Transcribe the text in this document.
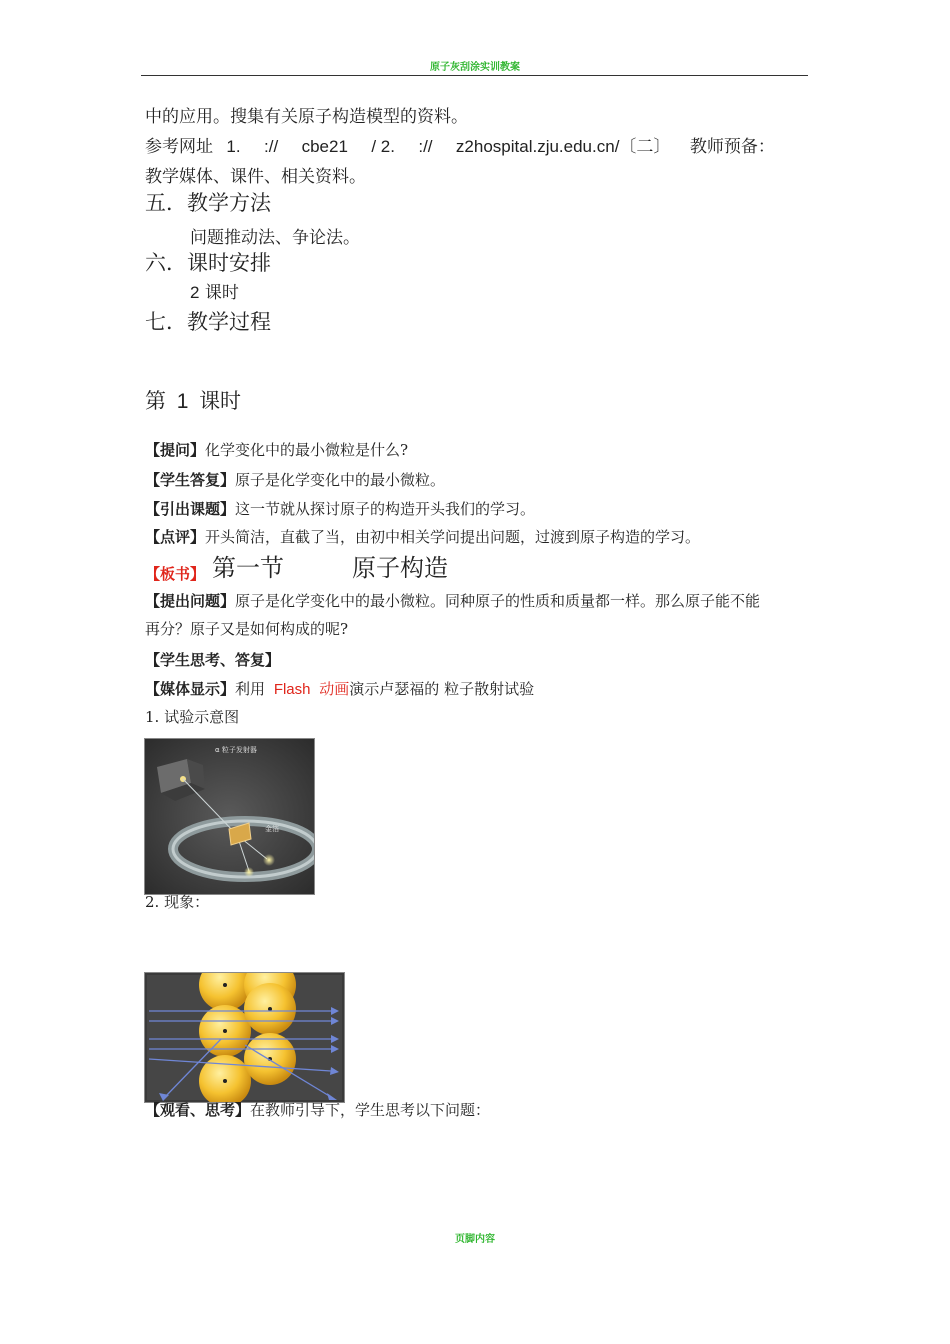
原子灰刮涂实训教案
中的应用。搜集有关原子构造模型的资料。
参考网址 1. :// cbe21 / 2. :// z2hospital.zju.edu.cn/〔二〕 教师预备：
教学媒体、课件、相关资料。
五．教学方法
问题推动法、争论法。
六．课时安排
2 课时
七．教学过程
第 1 课时
【提问】化学变化中的最小微粒是什么?
【学生答复】原子是化学变化中的最小微粒。
【引出课题】这一节就从探讨原子的构造开头我们的学习。
【点评】开头简洁，直截了当，由初中相关学问提出问题，过渡到原子构造的学习。
【板书】 第一节	原子构造
【提出问题】原子是化学变化中的最小微粒。同种原子的性质和质量都一样。那么原子能不能
再分？原子又是如何构成的呢?
【学生思考、答复】
【媒体显示】利用 Flash 动画演示卢瑟福的 粒子散射试验
1. 试验示意图
α 粒子发射器
金箔
2. 现象：
【观看、思考】在教师引导下，学生思考以下问题：
页脚内容
